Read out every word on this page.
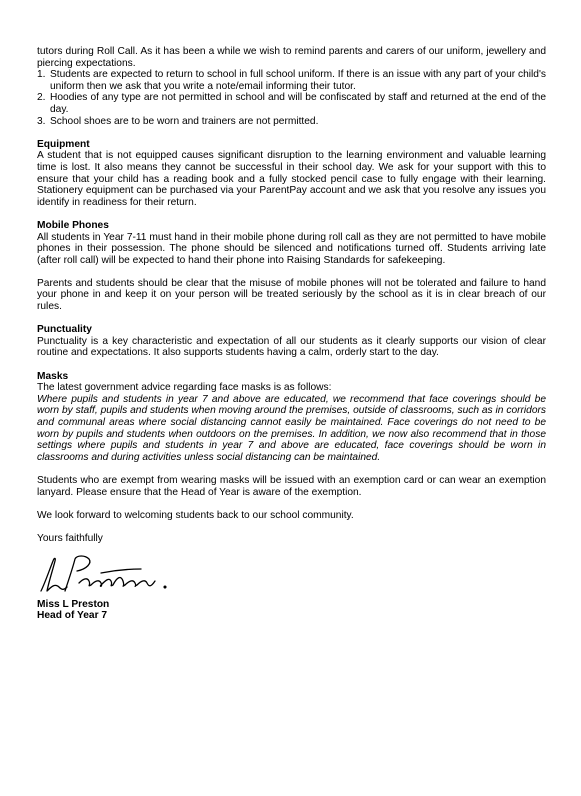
tutors during Roll Call. As it has been a while we wish to remind parents and carers of our uniform, jewellery and piercing expectations.

1. Students are expected to return to school in full school uniform. If there is an issue with any part of your child's uniform then we ask that you write a note/email informing their tutor.
2. Hoodies of any type are not permitted in school and will be confiscated by staff and returned at the end of the day.
3. School shoes are to be worn and trainers are not permitted.

Equipment

A student that is not equipped causes significant disruption to the learning environment and valuable learning time is lost. It also means they cannot be successful in their school day. We ask for your support with this to ensure that your child has a reading book and a fully stocked pencil case to fully engage with their learning. Stationery equipment can be purchased via your ParentPay account and we ask that you resolve any issues you identify in readiness for their return.

Mobile Phones

All students in Year 7-11 must hand in their mobile phone during roll call as they are not permitted to have mobile phones in their possession. The phone should be silenced and notifications turned off. Students arriving late (after roll call) will be expected to hand their phone into Raising Standards for safekeeping.

Parents and students should be clear that the misuse of mobile phones will not be tolerated and failure to hand your phone in and keep it on your person will be treated seriously by the school as it is in clear breach of our rules.

Punctuality

Punctuality is a key characteristic and expectation of all our students as it clearly supports our vision of clear routine and expectations. It also supports students having a calm, orderly start to the day.

Masks

The latest government advice regarding face masks is as follows:

Where pupils and students in year 7 and above are educated, we recommend that face coverings should be worn by staff, pupils and students when moving around the premises, outside of classrooms, such as in corridors and communal areas where social distancing cannot easily be maintained. Face coverings do not need to be worn by pupils and students when outdoors on the premises. In addition, we now also recommend that in those settings where pupils and students in year 7 and above are educated, face coverings should be worn in classrooms and during activities unless social distancing can be maintained.

Students who are exempt from wearing masks will be issued with an exemption card or can wear an exemption lanyard. Please ensure that the Head of Year is aware of the exemption.

We look forward to welcoming students back to our school community.

Yours faithfully

Miss L Preston

Head of Year 7
